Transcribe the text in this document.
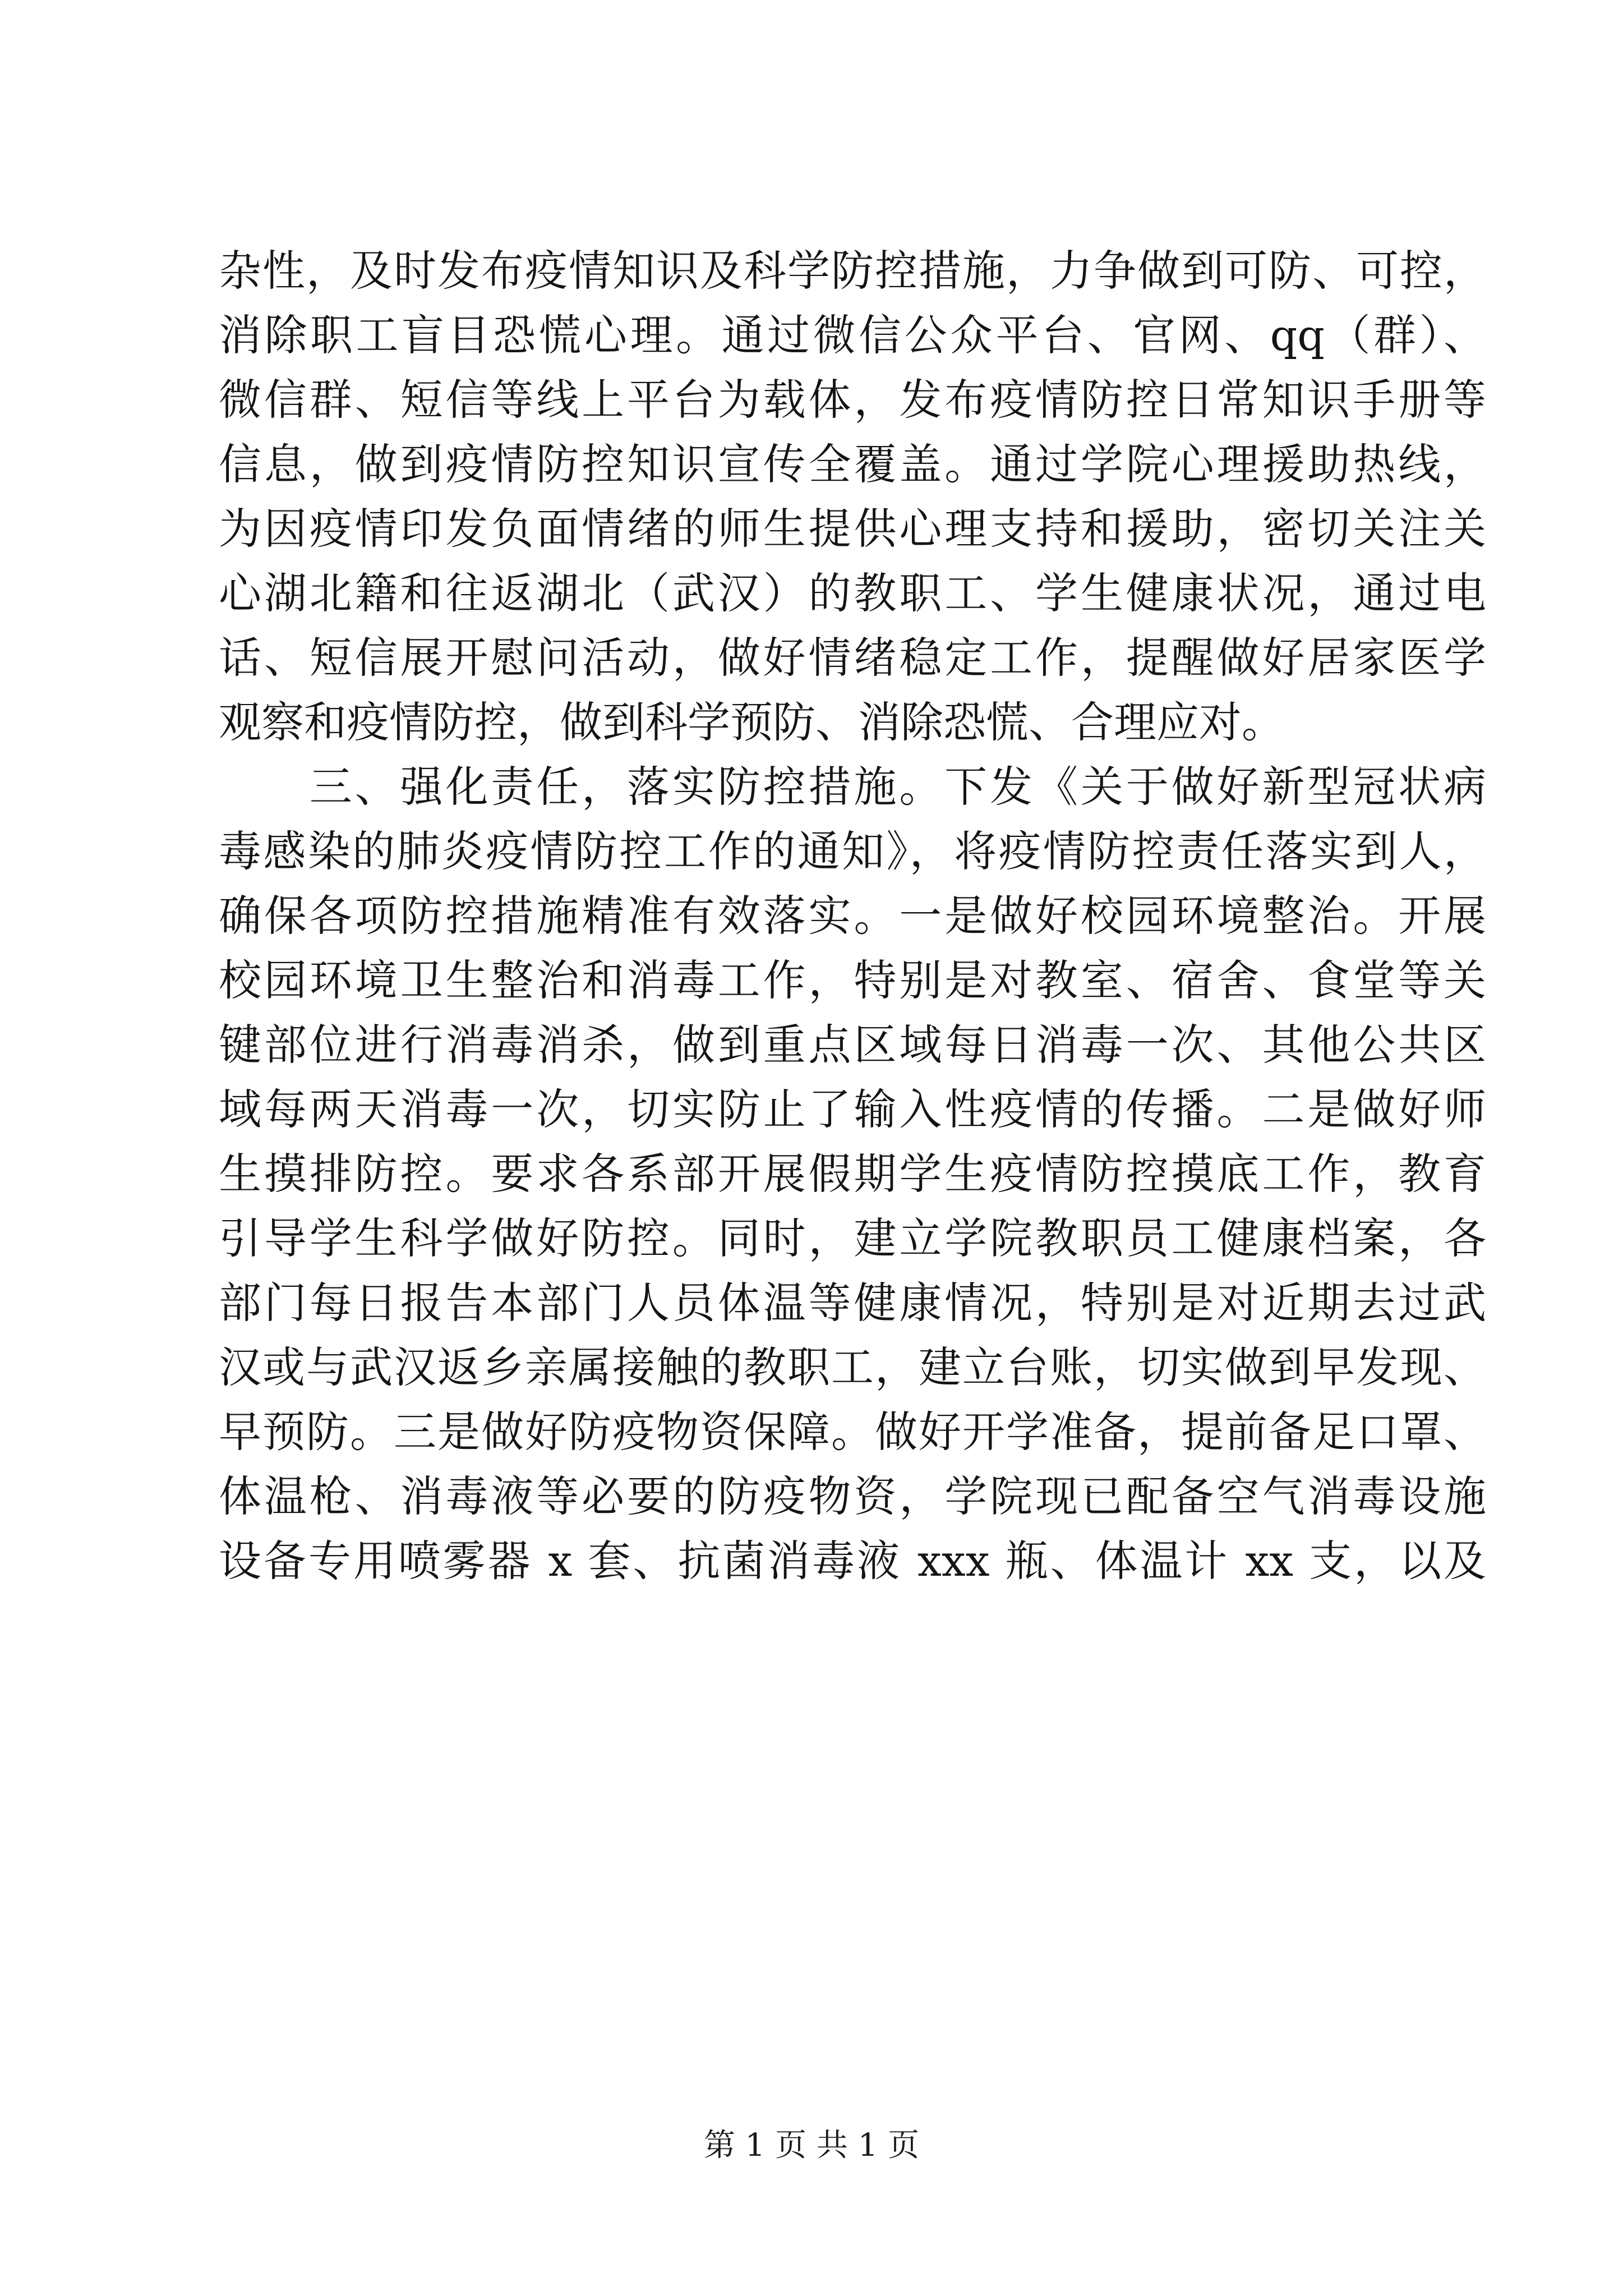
杂性，及时发布疫情知识及科学防控措施，力争做到可防、可控，
消除职工盲目恐慌心理。通过微信公众平台、官网、qq（群）、
微信群、短信等线上平台为载体，发布疫情防控日常知识手册等
信息，做到疫情防控知识宣传全覆盖。通过学院心理援助热线，
为因疫情印发负面情绪的师生提供心理支持和援助，密切关注关
心湖北籍和往返湖北（武汉）的教职工、学生健康状况，通过电
话、短信展开慰问活动，做好情绪稳定工作，提醒做好居家医学
观察和疫情防控，做到科学预防、消除恐慌、合理应对。
　　三、强化责任，落实防控措施。下发《关于做好新型冠状病
毒感染的肺炎疫情防控工作的通知》，将疫情防控责任落实到人，
确保各项防控措施精准有效落实。一是做好校园环境整治。开展
校园环境卫生整治和消毒工作，特别是对教室、宿舍、食堂等关
键部位进行消毒消杀，做到重点区域每日消毒一次、其他公共区
域每两天消毒一次，切实防止了输入性疫情的传播。二是做好师
生摸排防控。要求各系部开展假期学生疫情防控摸底工作，教育
引导学生科学做好防控。同时，建立学院教职员工健康档案，各
部门每日报告本部门人员体温等健康情况，特别是对近期去过武
汉或与武汉返乡亲属接触的教职工，建立台账，切实做到早发现、
早预防。三是做好防疫物资保障。做好开学准备，提前备足口罩、
体温枪、消毒液等必要的防疫物资，学院现已配备空气消毒设施
设备专用喷雾器 x 套、抗菌消毒液 xxx 瓶、体温计 xx 支，以及
第 1 页 共 1 页
